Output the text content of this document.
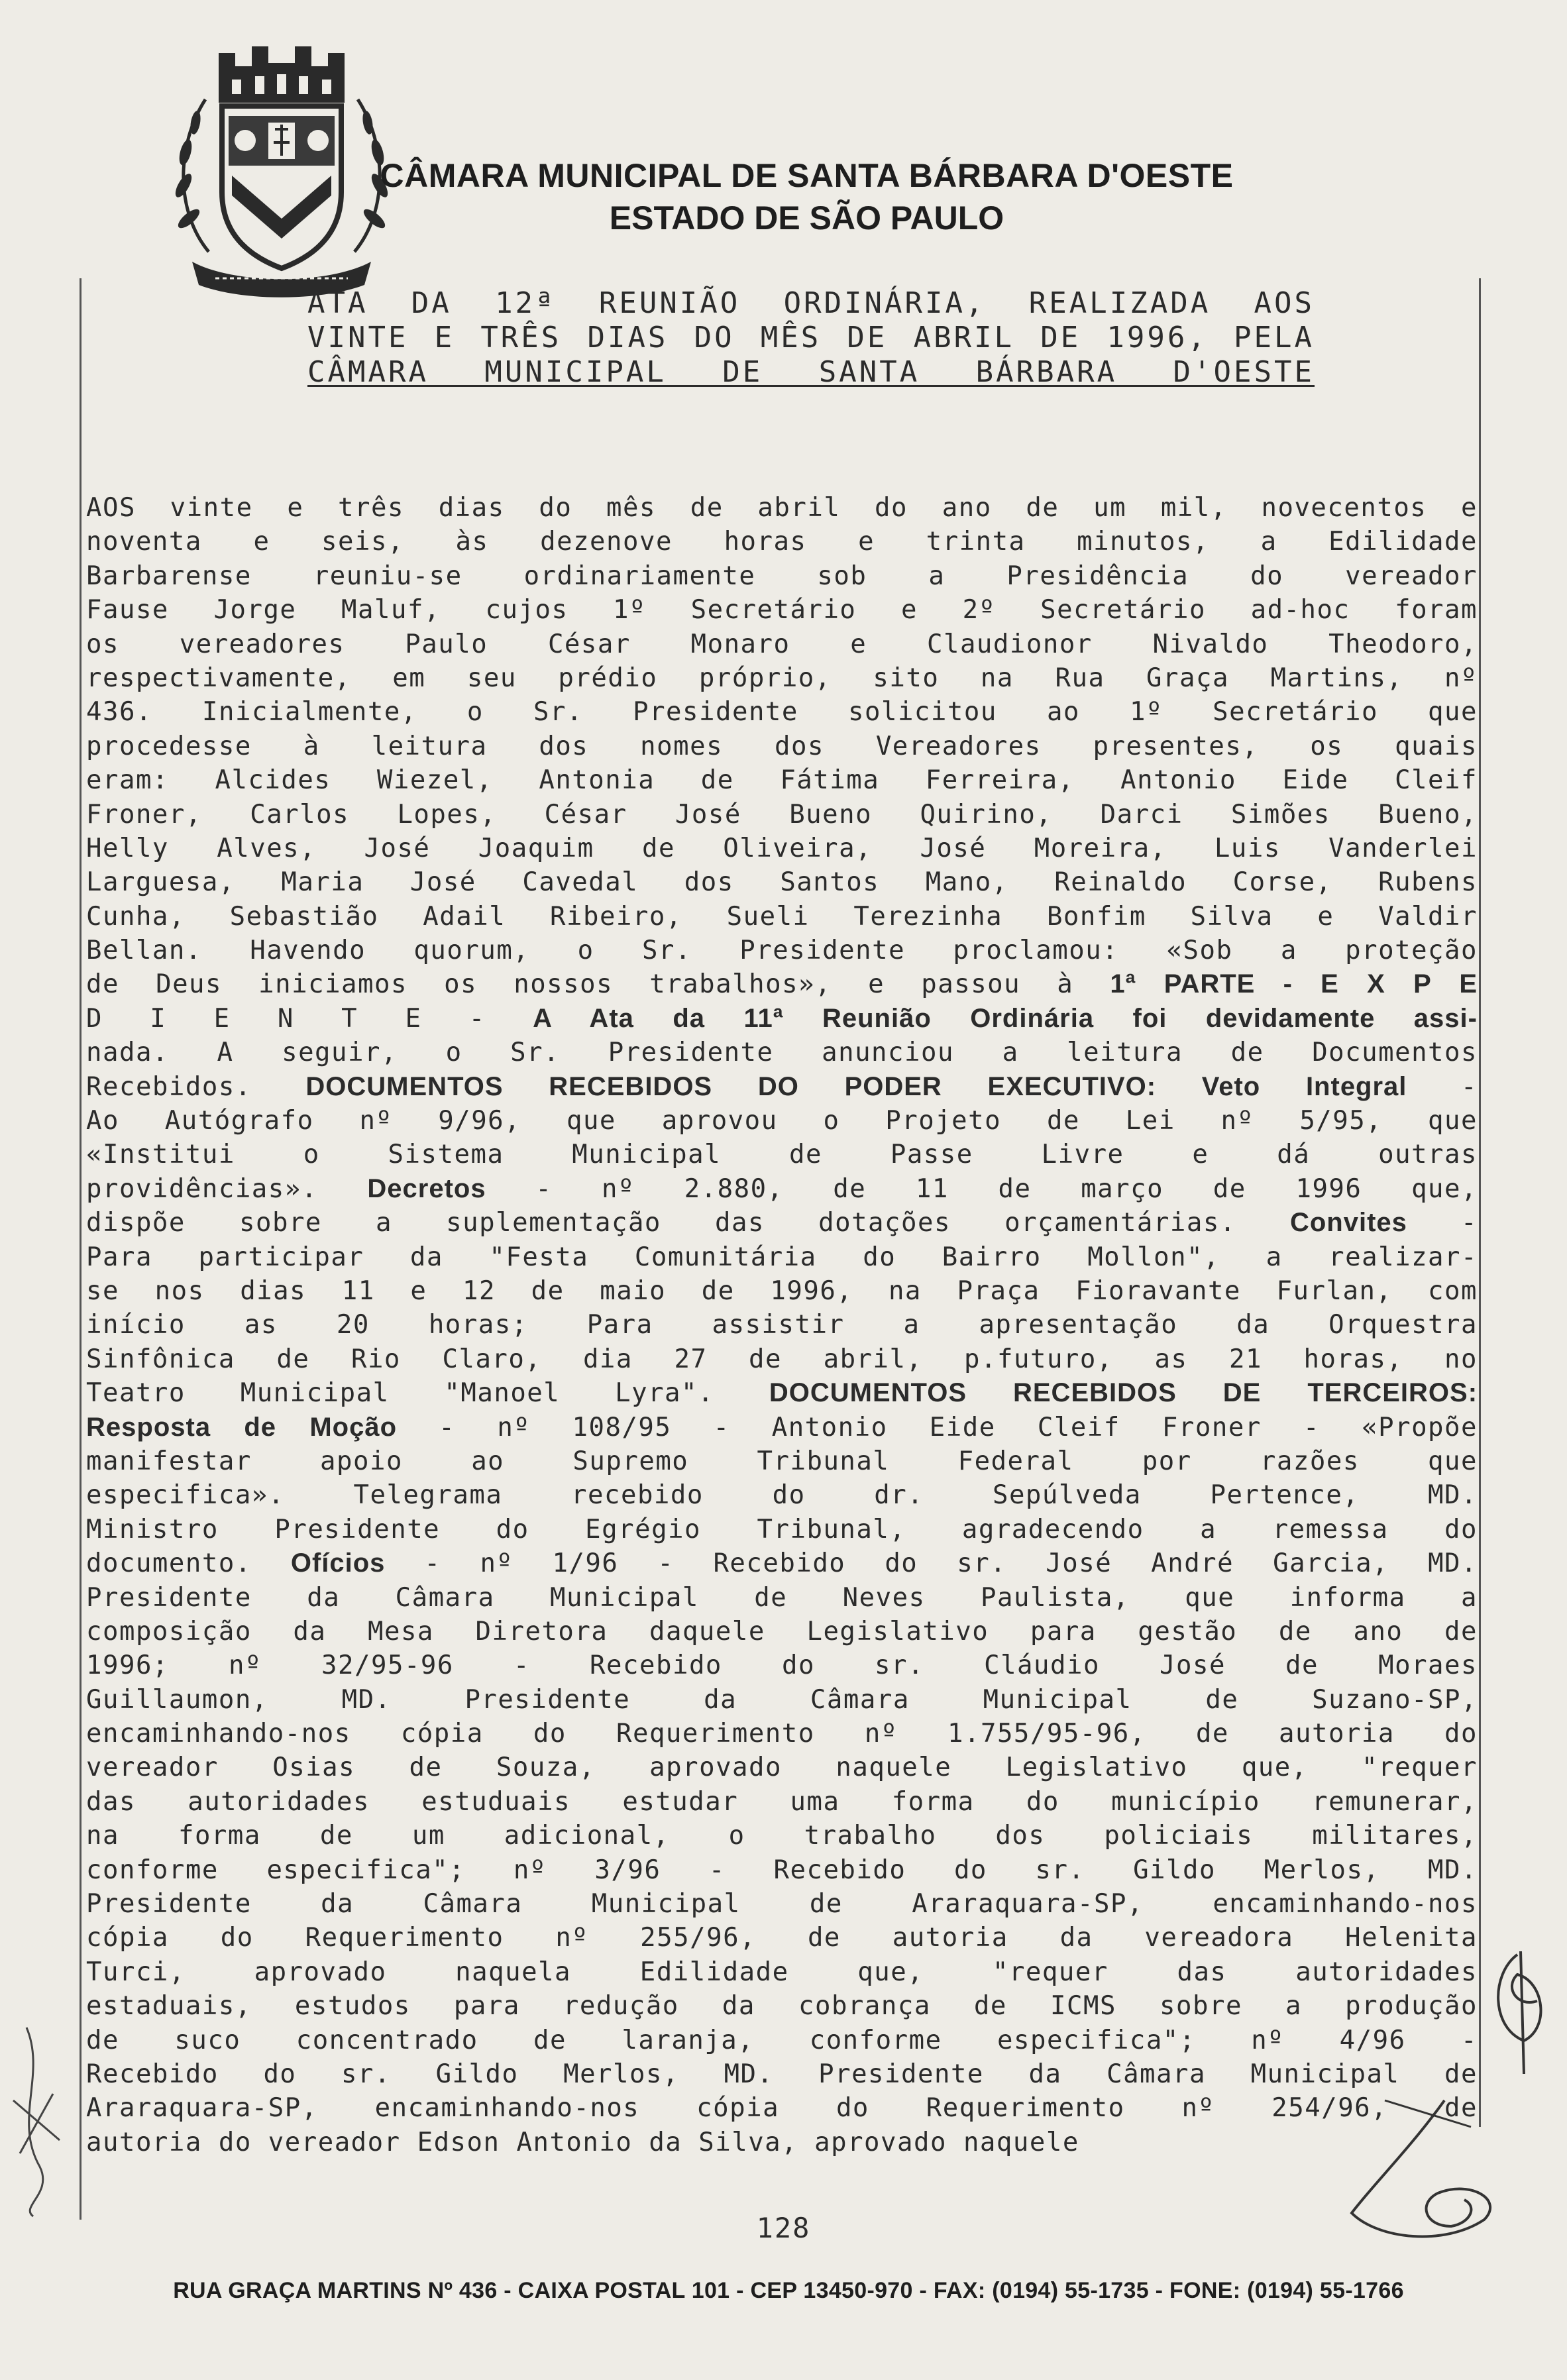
CÂMARA MUNICIPAL DE SANTA BÁRBARA D'OESTE
ESTADO DE SÃO PAULO
ATA DA 12ª REUNIÃO ORDINÁRIA, REALIZADA AOS
VINTE E TRÊS DIAS DO MÊS DE ABRIL DE 1996, PELA
CÂMARA MUNICIPAL DE SANTA BÁRBARA D'OESTE
AOS vinte e três dias do mês de abril do ano de um mil, novecentos e
noventa e seis, às dezenove horas e trinta minutos, a Edilidade
Barbarense reuniu-se ordinariamente sob a Presidência do vereador
Fause Jorge Maluf, cujos 1º Secretário e 2º Secretário ad-hoc foram
os vereadores Paulo César Monaro e Claudionor Nivaldo Theodoro,
respectivamente, em seu prédio próprio, sito na Rua Graça Martins, nº
436. Inicialmente, o Sr. Presidente solicitou ao 1º Secretário que
procedesse à leitura dos nomes dos Vereadores presentes, os quais
eram: Alcides Wiezel, Antonia de Fátima Ferreira, Antonio Eide Cleif
Froner, Carlos Lopes, César José Bueno Quirino, Darci Simões Bueno,
Helly Alves, José Joaquim de Oliveira, José Moreira, Luis Vanderlei
Larguesa, Maria José Cavedal dos Santos Mano, Reinaldo Corse, Rubens
Cunha, Sebastião Adail Ribeiro, Sueli Terezinha Bonfim Silva e Valdir
Bellan. Havendo quorum, o Sr. Presidente proclamou: «Sob a proteção
de Deus iniciamos os nossos trabalhos», e passou à 1ª PARTE - E X P E
D I E N T E - A Ata da 11ª Reunião Ordinária foi devidamente assi-
nada. A seguir, o Sr. Presidente anunciou a leitura de Documentos
Recebidos. DOCUMENTOS RECEBIDOS DO PODER EXECUTIVO: Veto Integral -
Ao Autógrafo nº 9/96, que aprovou o Projeto de Lei nº 5/95, que
«Institui o Sistema Municipal de Passe Livre e dá outras
providências». Decretos - nº 2.880, de 11 de março de 1996 que,
dispõe sobre a suplementação das dotações orçamentárias. Convites -
Para participar da "Festa Comunitária do Bairro Mollon", a realizar-
se nos dias 11 e 12 de maio de 1996, na Praça Fioravante Furlan, com
início as 20 horas; Para assistir a apresentação da Orquestra
Sinfônica de Rio Claro, dia 27 de abril, p.futuro, as 21 horas, no
Teatro Municipal "Manoel Lyra". DOCUMENTOS RECEBIDOS DE TERCEIROS:
Resposta de Moção - nº 108/95 - Antonio Eide Cleif Froner - «Propõe
manifestar apoio ao Supremo Tribunal Federal por razões que
especifica». Telegrama recebido do dr. Sepúlveda Pertence, MD.
Ministro Presidente do Egrégio Tribunal, agradecendo a remessa do
documento. Ofícios - nº 1/96 - Recebido do sr. José André Garcia, MD.
Presidente da Câmara Municipal de Neves Paulista, que informa a
composição da Mesa Diretora daquele Legislativo para gestão de ano de
1996; nº 32/95-96 - Recebido do sr. Cláudio José de Moraes
Guillaumon, MD. Presidente da Câmara Municipal de Suzano-SP,
encaminhando-nos cópia do Requerimento nº 1.755/95-96, de autoria do
vereador Osias de Souza, aprovado naquele Legislativo que, "requer
das autoridades estuduais estudar uma forma do município remunerar,
na forma de um adicional, o trabalho dos policiais militares,
conforme especifica"; nº 3/96 - Recebido do sr. Gildo Merlos, MD.
Presidente da Câmara Municipal de Araraquara-SP, encaminhando-nos
cópia do Requerimento nº 255/96, de autoria da vereadora Helenita
Turci, aprovado naquela Edilidade que, "requer das autoridades
estaduais, estudos para redução da cobrança de ICMS sobre a produção
de suco concentrado de laranja, conforme especifica"; nº 4/96 -
Recebido do sr. Gildo Merlos, MD. Presidente da Câmara Municipal de
Araraquara-SP, encaminhando-nos cópia do Requerimento nº 254/96, de
autoria do vereador Edson Antonio da Silva, aprovado naquele
128
RUA GRAÇA MARTINS Nº 436 - CAIXA POSTAL 101 - CEP 13450-970 - FAX: (0194) 55-1735 - FONE: (0194) 55-1766
